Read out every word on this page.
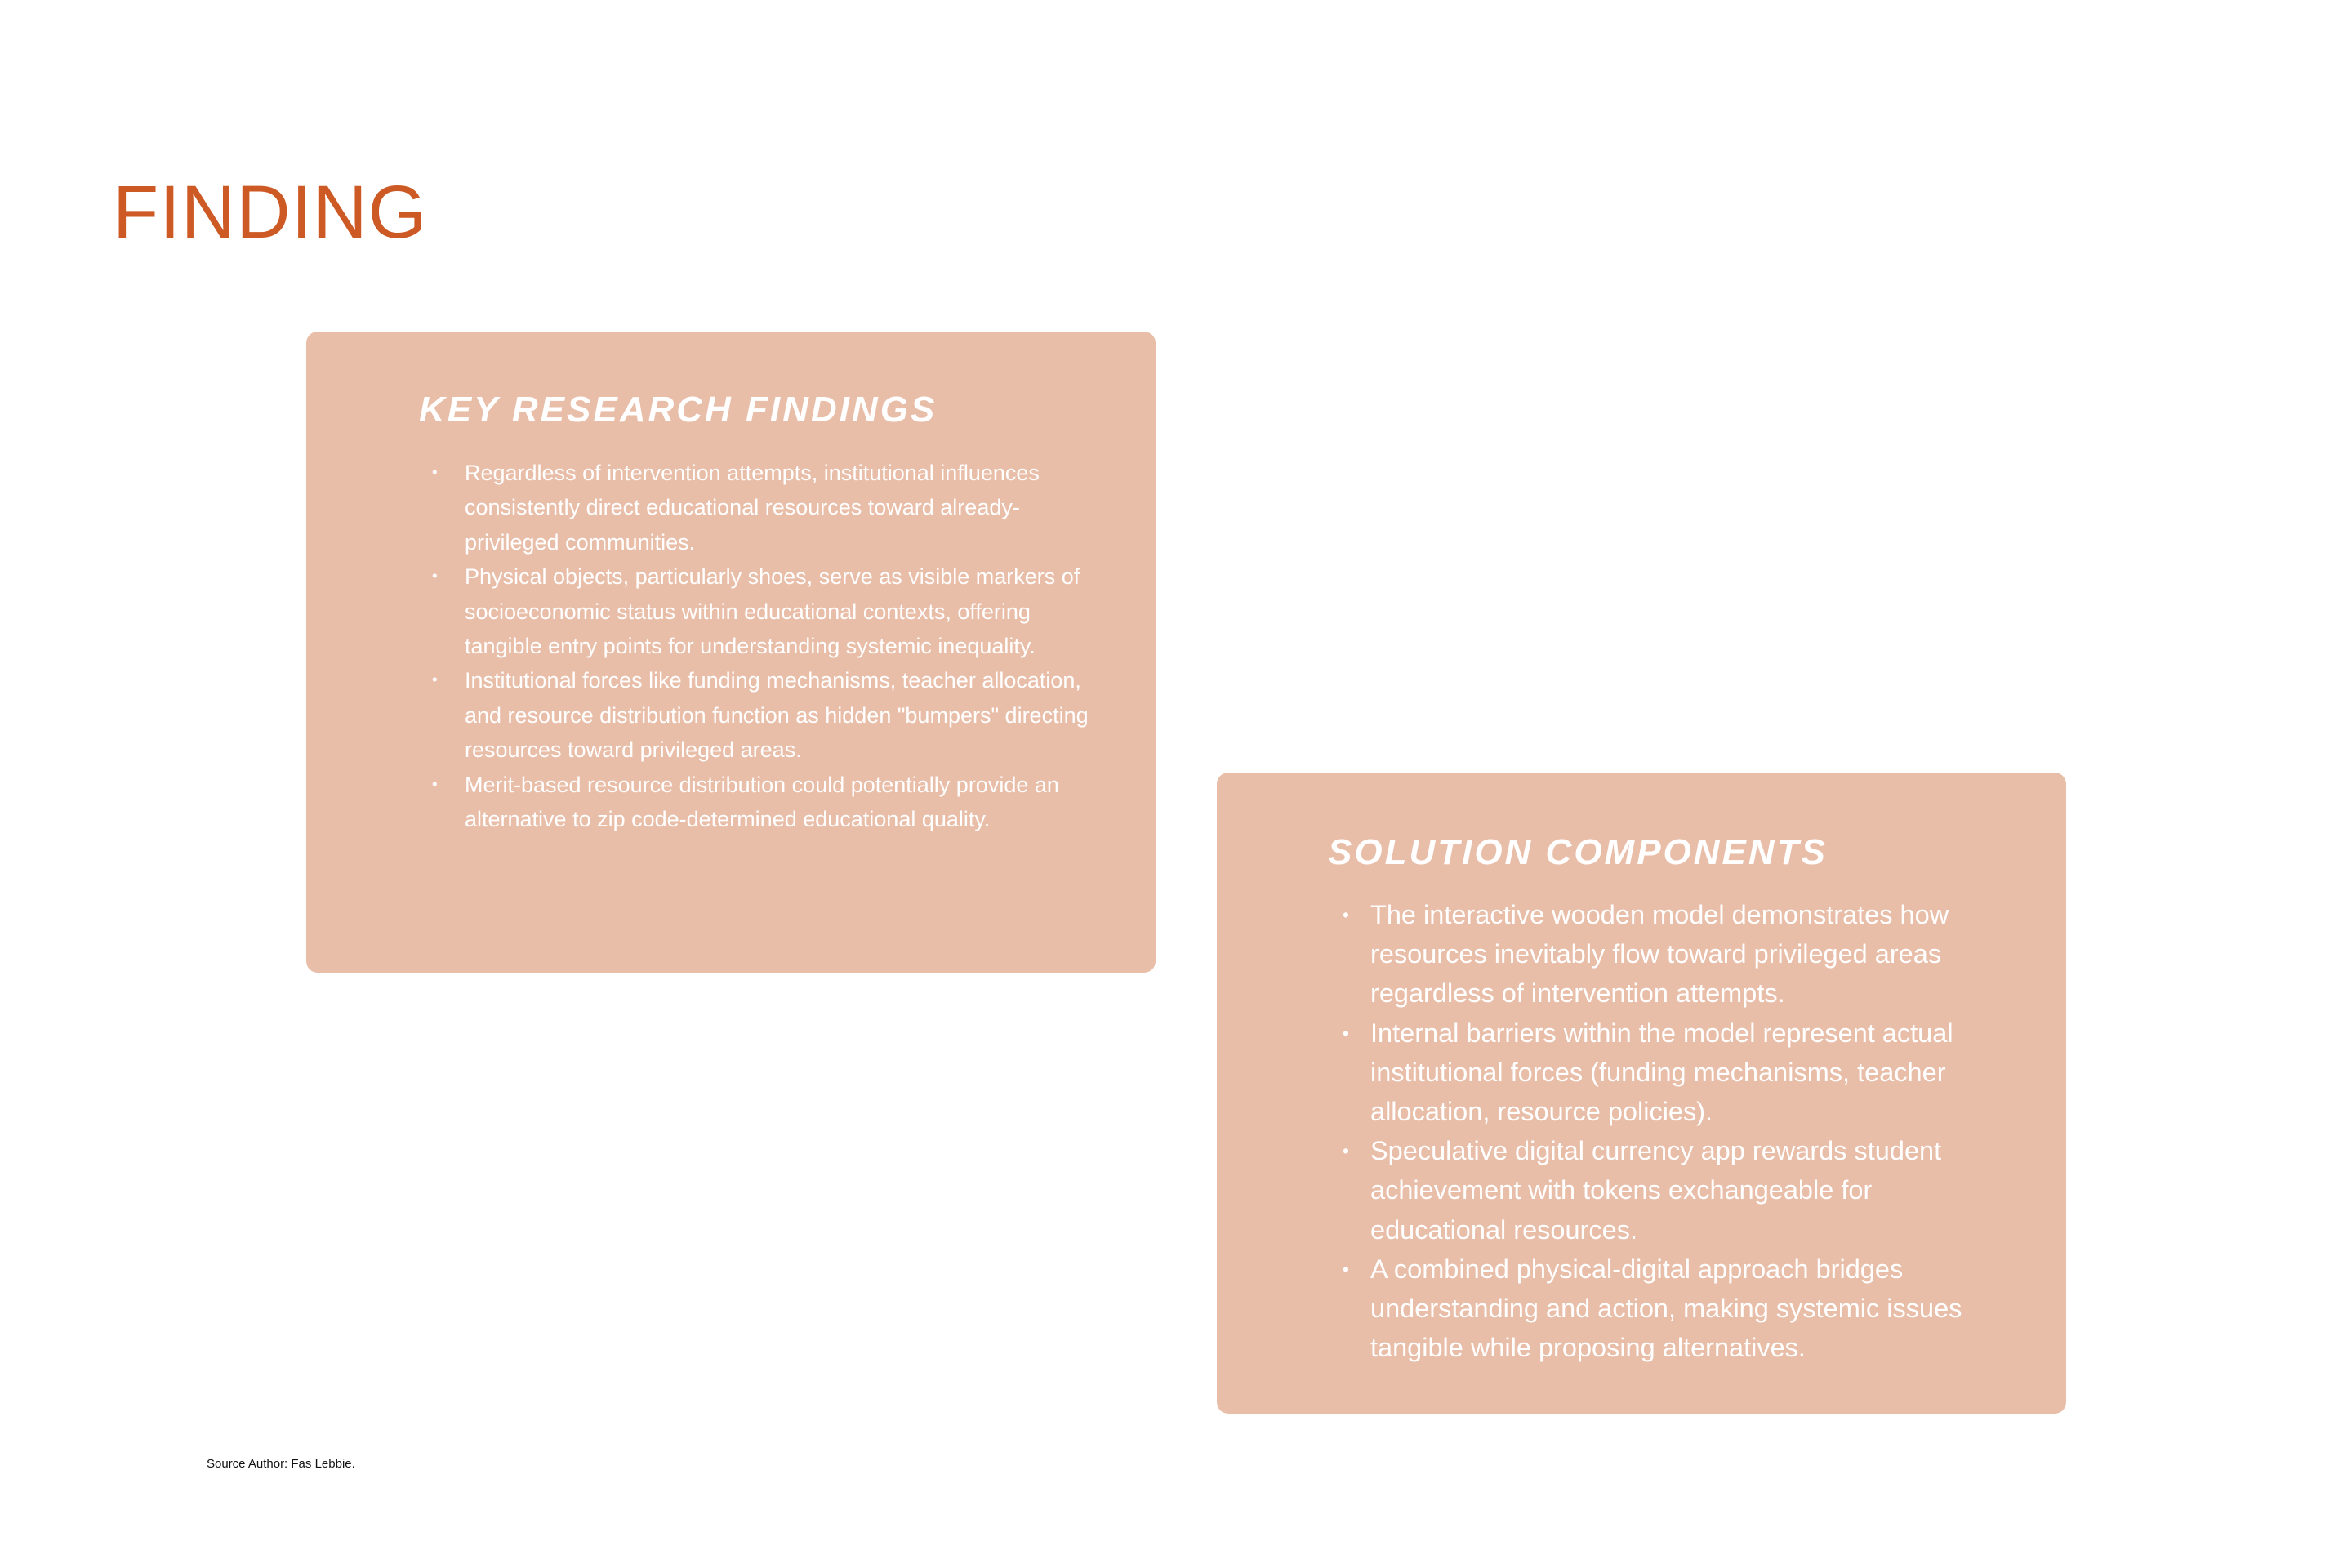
FINDING
KEY RESEARCH FINDINGS
• Regardless of intervention attempts, institutional influences consistently direct educational resources toward already-privileged communities.
• Physical objects, particularly shoes, serve as visible markers of socioeconomic status within educational contexts, offering tangible entry points for understanding systemic inequality.
• Institutional forces like funding mechanisms, teacher allocation, and resource distribution function as hidden "bumpers" directing resources toward privileged areas.
• Merit-based resource distribution could potentially provide an alternative to zip code-determined educational quality.
SOLUTION COMPONENTS
• The interactive wooden model demonstrates how resources inevitably flow toward privileged areas regardless of intervention attempts.
• Internal barriers within the model represent actual institutional forces (funding mechanisms, teacher allocation, resource policies).
• Speculative digital currency app rewards student achievement with tokens exchangeable for educational resources.
• A combined physical-digital approach bridges understanding and action, making systemic issues tangible while proposing alternatives.

Source Author: Fas Lebbie.
